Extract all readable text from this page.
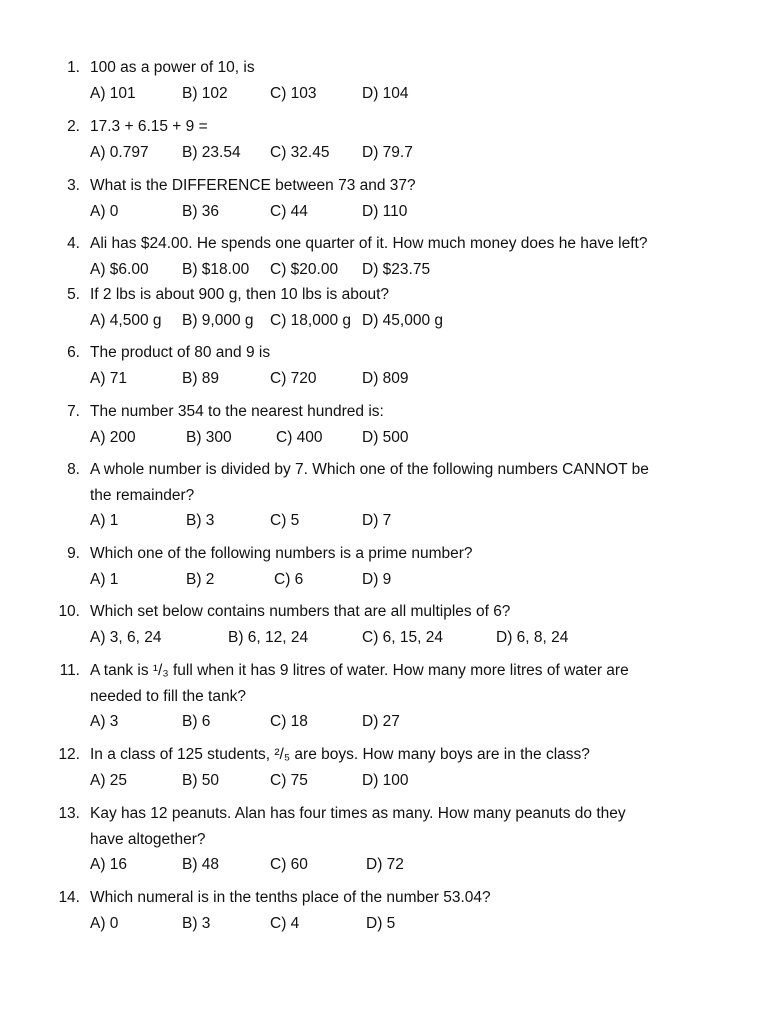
1. 100 as a power of 10, is
A) 101	B) 102	C) 103	D) 104
2. 17.3 + 6.15 + 9 =
A) 0.797 B) 23.54 C) 32.45 D) 79.7
3. What is the DIFFERENCE between 73 and 37?
A) 0	B) 36	C) 44	D) 110
4. Ali has $24.00. He spends one quarter of it. How much money does he have left?
A) $6.00 B) $18.00 C) $20.00 D) $23.75
5. If 2 lbs is about 900 g, then 10 lbs is about?
A) 4,500 g B) 9,000 g C) 18,000 g D) 45,000 g
6. The product of 80 and 9 is
A) 71	B) 89	C) 720	D) 809
7. The number 354 to the nearest hundred is:
A) 200	B) 300	C) 400	D) 500
8. A whole number is divided by 7. Which one of the following numbers CANNOT be
the remainder?
A) 1	B) 3	C) 5	D) 7
9. Which one of the following numbers is a prime number?
A) 1	B) 2	C) 6	D) 9
10. Which set below contains numbers that are all multiples of 6?
A) 3, 6, 24	B) 6, 12, 24	C) 6, 15, 24	D) 6, 8, 24
11. A tank is ¹/₃ full when it has 9 litres of water. How many more litres of water are
needed to fill the tank?
A) 3	B) 6	C) 18	D) 27
12. In a class of 125 students, ²/₅ are boys. How many boys are in the class?
A) 25	B) 50	C) 75	D) 100
13. Kay has 12 peanuts. Alan has four times as many. How many peanuts do they
have altogether?
A) 16	B) 48	C) 60	D) 72
14. Which numeral is in the tenths place of the number 53.04?
A) 0	B) 3	C) 4	D) 5
